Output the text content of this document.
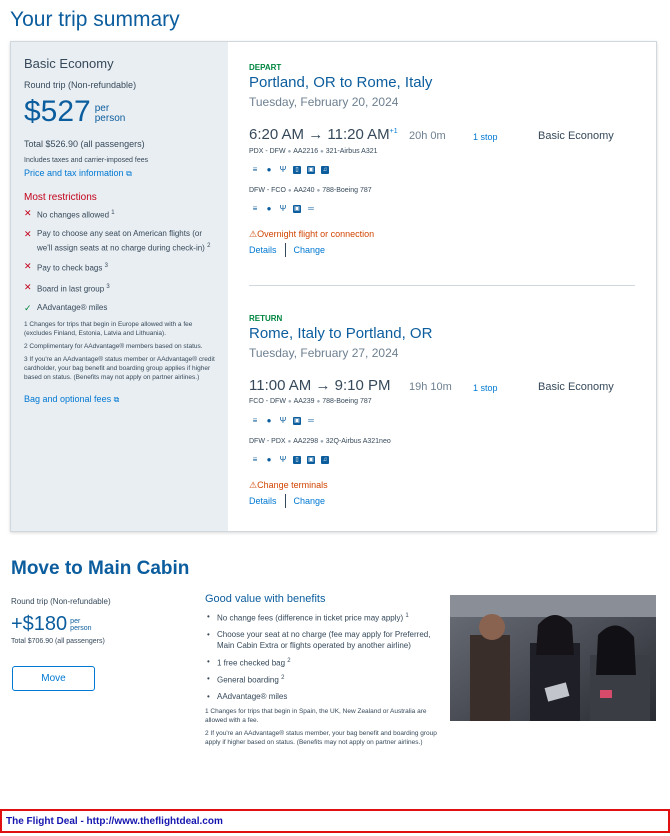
Your trip summary
Basic Economy
Round trip (Non-refundable)
$527 per
person
Total $526.90 (all passengers)
Includes taxes and carrier-imposed fees
Price and tax information ⧉
Most restrictions
✕ No changes allowed $^1$
✕ Pay to choose any seat on American flights (or we'll assign seats at no charge during check-in) $^2$
✕ Pay to check bags $^3$
✕ Board in last group $^3$
✓ AAdvantage® miles
1 Changes for trips that begin in Europe allowed with a fee (excludes Finland, Estonia, Latvia and Lithuania).
2 Complimentary for AAdvantage® members based on status.
3 If you're an AAdvantage® status member or AAdvantage® credit cardholder, your bag benefit and boarding group applies if higher based on status. (Benefits may not apply on partner airlines.)
Bag and optional fees ⧉
DEPART
Portland, OR to Rome, Italy
Tuesday, February 20, 2024
6:20 AM → 11:20 $AM^{+1}$ 20h 0m	1 stop	Basic Economy
PDX - DFW ● AA2216 ● 321-Airbus A321
≡ ● Ψ	▯	▣ ♫
DFW - FCO ● AA240 ● 788-Boeing 787
≡ ● Ψ ▣ ═
⚠Overnight flight or connection
Details Change
RETURN
Rome, Italy to Portland, OR
Tuesday, February 27, 2024
11:00 AM → 9:10 PM 19h 10m 1 stop	Basic Economy
FCO - DFW ● AA239 ● 788-Boeing 787
≡ ● Ψ ▣ ═
DFW - PDX ● AA2298 ● 32Q-Airbus A321neo
≡ ● Ψ	▯	▣ ♫
⚠Change terminals
Details Change
Move to Main Cabin
Round trip (Non-refundable)
+$180 per
person
Total $706.90 (all passengers)
Move
Good value with benefits
• No change fees (difference in ticket price may apply) $^1$
• Choose your seat at no charge (fee may apply for Preferred, Main Cabin Extra or flights operated by another airline)
• 1 free checked bag $^2$
• General boarding $^2$
• AAdvantage® miles
1 Changes for trips that begin in Spain, the UK, New Zealand or Australia are allowed with a fee.
2 If you're an AAdvantage® status member, your bag benefit and boarding group apply if higher based on status. (Benefits may not apply on partner airlines.)
The Flight Deal - http://www.theflightdeal.com
